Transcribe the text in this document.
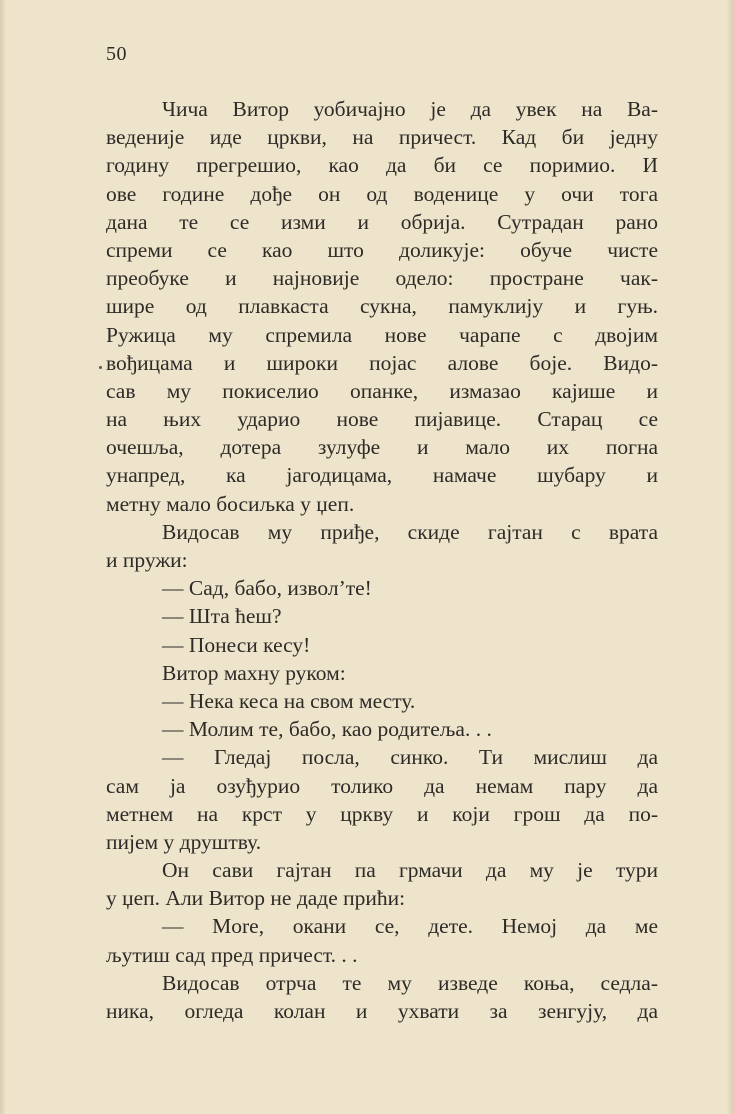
50
Чича Витор уобичајно је да увек на Ва-
веденије иде цркви, на причест. Кад би једну
годину прегрешио, као да би се поримио. И
ове године дође он од воденице у очи тога
дана те се изми и обрија. Сутрадан рано
спреми се као што доликује: обуче чисте
преобуке и најновије одело: простране чак-
шире од плавкаста сукна, памуклију и гуњ.
Ружица му спремила нове чарапе с двојим
вођицама и широки појас алове боје. Видо-
сав му покиселио опанке, измазао кајише и
на њих ударио нове пијавице. Старац се
очешља, дотера зулуфе и мало их погна
унапред, ка јагодицама, намаче шубару и
метну мало босиљка у џеп.
Видосав му приђе, скиде гајтан с врата
и пружи:
— Сад, бабо, изволʼте!
— Шта ћеш?
— Понеси кесу!
Витор махну руком:
— Нека кеса на свом месту.
— Молим те, бабо, као родитеља. . .
— Гледај посла, синко. Ти мислиш да
сам ја озуђурио толико да немам пару да
метнем на крст у цркву и који грош да по-
пијем у друштву.
Он сави гајтан па грмачи да му је тури
у џеп. Али Витор не даде прићи:
— More, окани се, дете. Немој да ме
љутиш сад пред причест. . .
Видосав отрча те му изведе коња, седла-
ника, огледа колан и ухвати за зенгују, да
